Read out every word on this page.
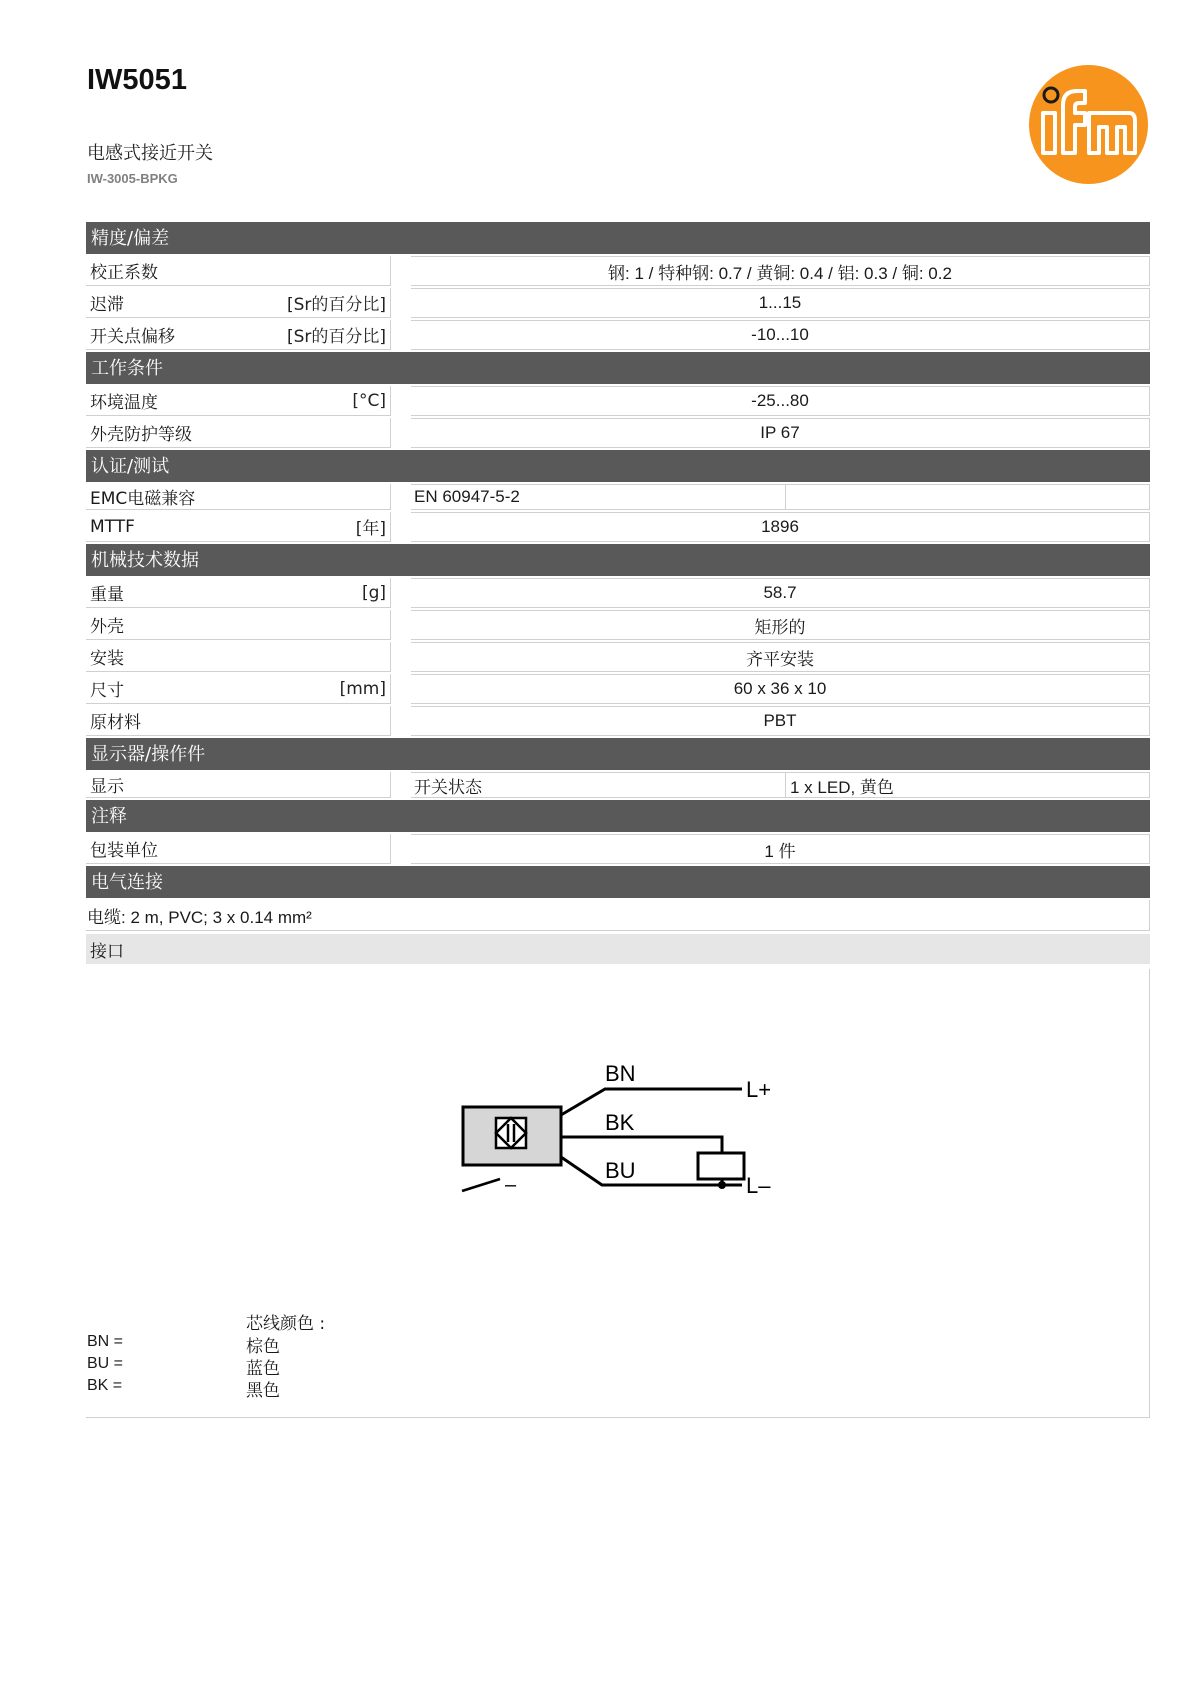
IW5051
电感式接近开关
IW-3005-BPKG
精度/偏差
校正系数	钢: 1 / 特种钢: 0.7 / 黄铜: 0.4 / 铝: 0.3 / 铜: 0.2
迟滞	[Sr的百分比]	1...15
开关点偏移	[Sr的百分比]	-10...10
工作条件
环境温度	[°C]	-25...80
外壳防护等级	IP 67
认证/测试
EMC电磁兼容	EN 60947-5-2
MTTF	[年]	1896
机械技术数据
重量	[g]	58.7
外壳	矩形的
安装	齐平安装
尺寸	[mm]	60 x 36 x 10
原材料	PBT
显示器/操作件
显示	开关状态	1 x LED, 黄色
注释
包装单位	1 件
电气连接
电缆: 2 m, PVC; 3 x 0.14 mm²
接口
–
BN
BK
BU
L+
L–
芯线颜色 :
BN =	棕色
BU =	蓝色
BK =	黑色
